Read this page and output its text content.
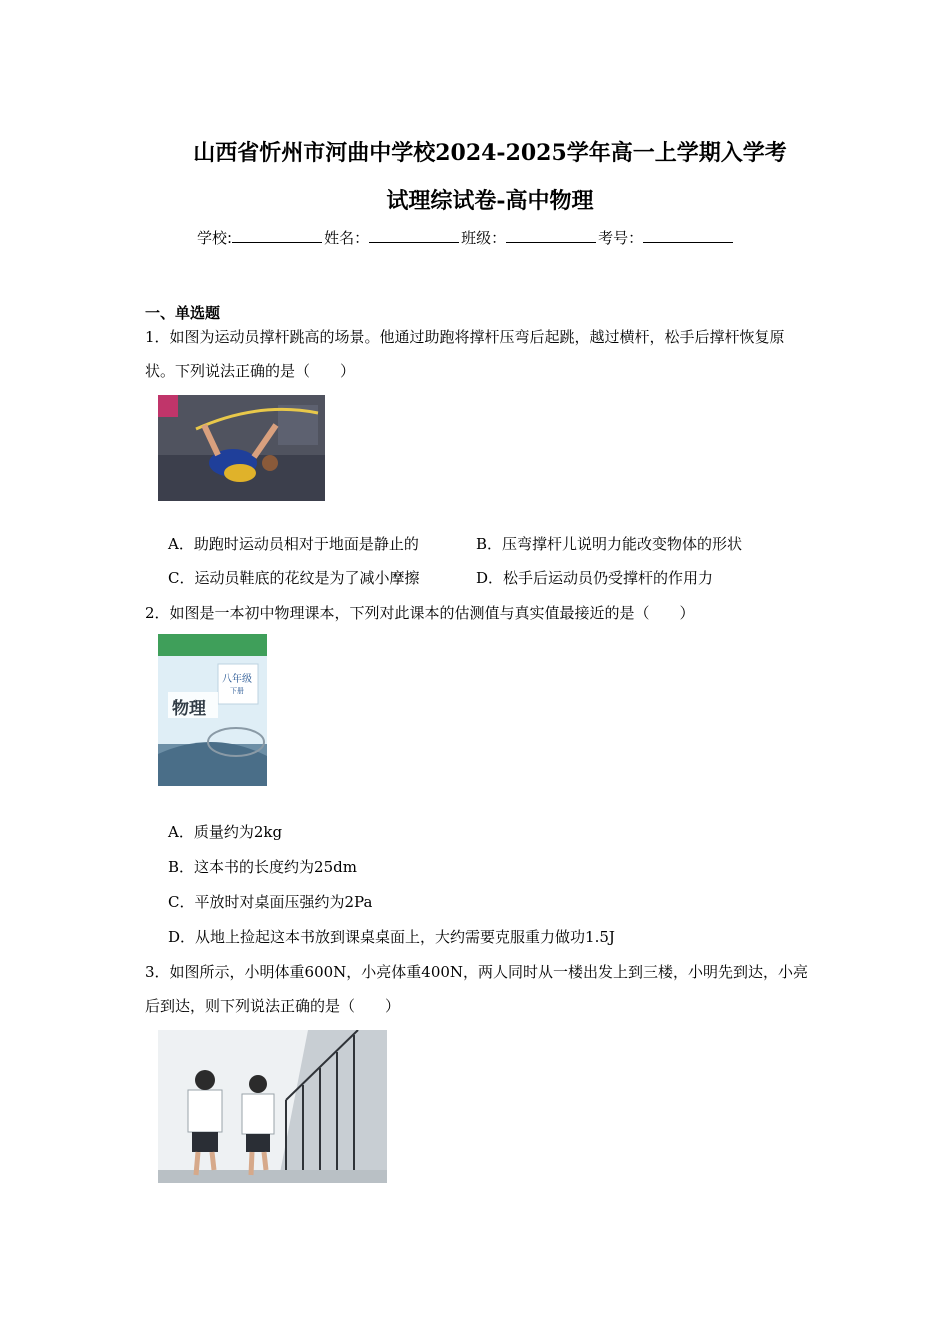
山西省忻州市河曲中学校2024-2025学年高一上学期入学考
试理综试卷-高中物理
学校:	姓名：	班级：	考号：
一、单选题
1．如图为运动员撑杆跳高的场景。他通过助跑将撑杆压弯后起跳，越过横杆，松手后撑杆恢复原状。下列说法正确的是（　　）
A．助跑时运动员相对于地面是静止的	B．压弯撑杆儿说明力能改变物体的形状
C．运动员鞋底的花纹是为了减小摩擦	D．松手后运动员仍受撑杆的作用力
2．如图是一本初中物理课本，下列对此课本的估测值与真实值最接近的是（　　）
八年级
下册
物理
A．质量约为2kg
B．这本书的长度约为25dm
C．平放时对桌面压强约为2Pa
D．从地上捡起这本书放到课桌桌面上，大约需要克服重力做功1.5J
3．如图所示，小明体重600N，小亮体重400N，两人同时从一楼出发上到三楼，小明先到达，小亮后到达，则下列说法正确的是（　　）
